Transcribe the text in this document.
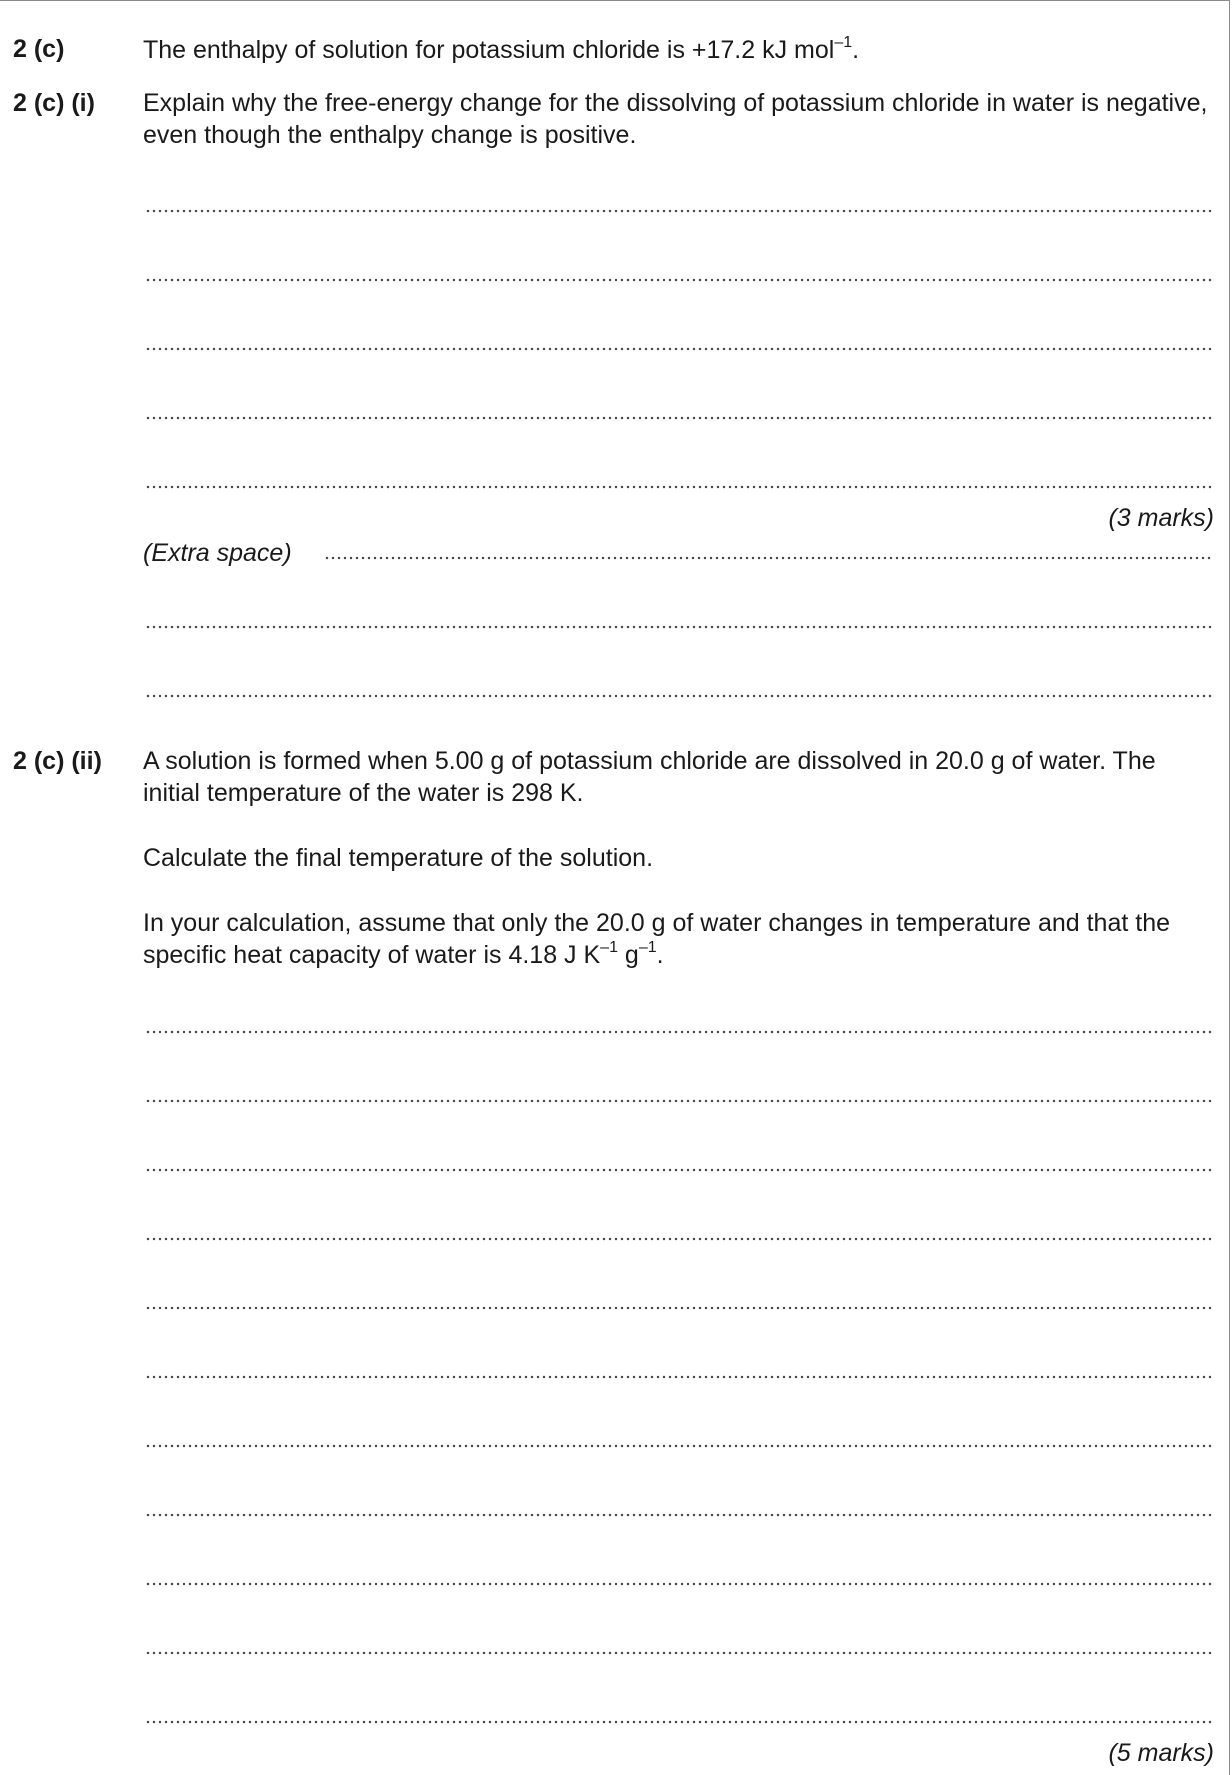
2 (c)	The enthalpy of solution for potassium chloride is +17.2 kJ mol$^{-1}$.
2 (c) (i) Explain why the free-energy change for the dissolving of potassium chloride in water is negative, even though the enthalpy change is positive.
(3 marks)
(Extra space)
2 (c) (ii) A solution is formed when 5.00 g of potassium chloride are dissolved in 20.0 g of water. The initial temperature of the water is 298 K.
Calculate the final temperature of the solution.
In your calculation, assume that only the 20.0 g of water changes in temperature and that the specific heat capacity of water is 4.18 J $K^{-1}$ $g^{-1}$.
(5 marks)
